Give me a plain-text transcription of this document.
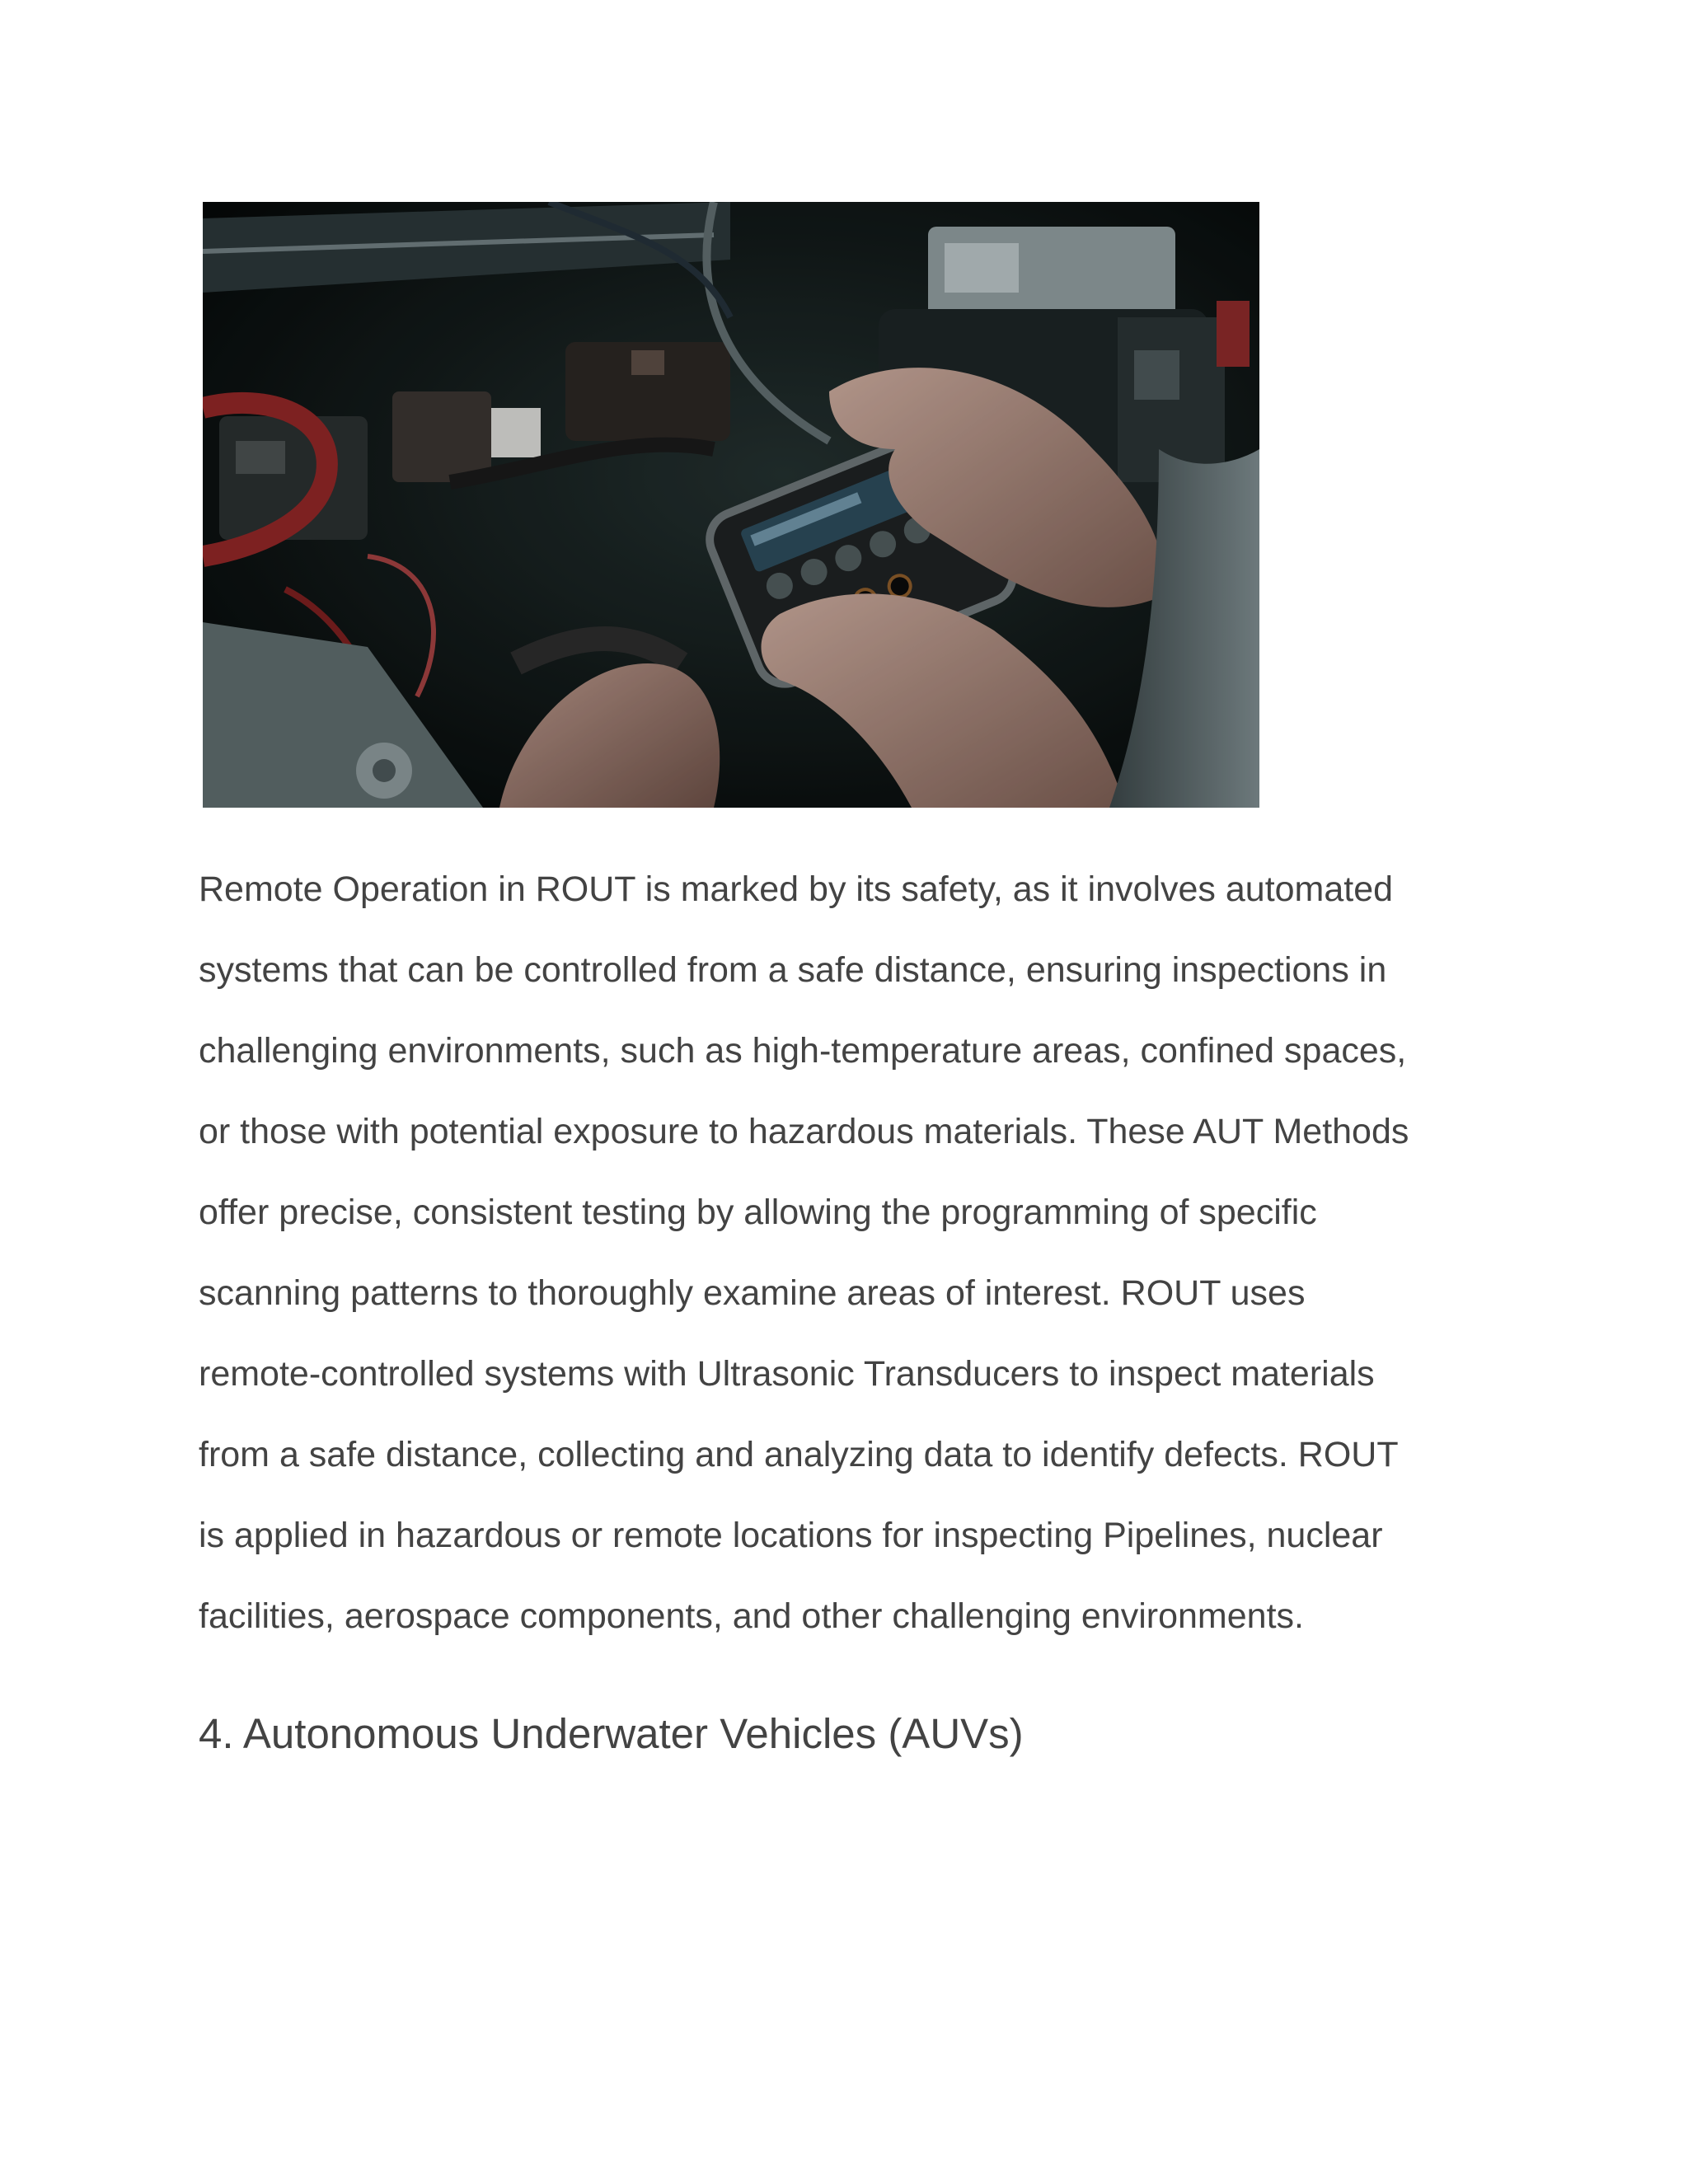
Remote Operation in ROUT is marked by its safety, as it involves automated
systems that can be controlled from a safe distance, ensuring inspections in
challenging environments, such as high-temperature areas, confined spaces,
or those with potential exposure to hazardous materials. These AUT Methods
offer precise, consistent testing by allowing the programming of specific
scanning patterns to thoroughly examine areas of interest. ROUT uses
remote-controlled systems with Ultrasonic Transducers to inspect materials
from a safe distance, collecting and analyzing data to identify defects. ROUT
is applied in hazardous or remote locations for inspecting Pipelines, nuclear
facilities, aerospace components, and other challenging environments.

4. Autonomous Underwater Vehicles (AUVs)
